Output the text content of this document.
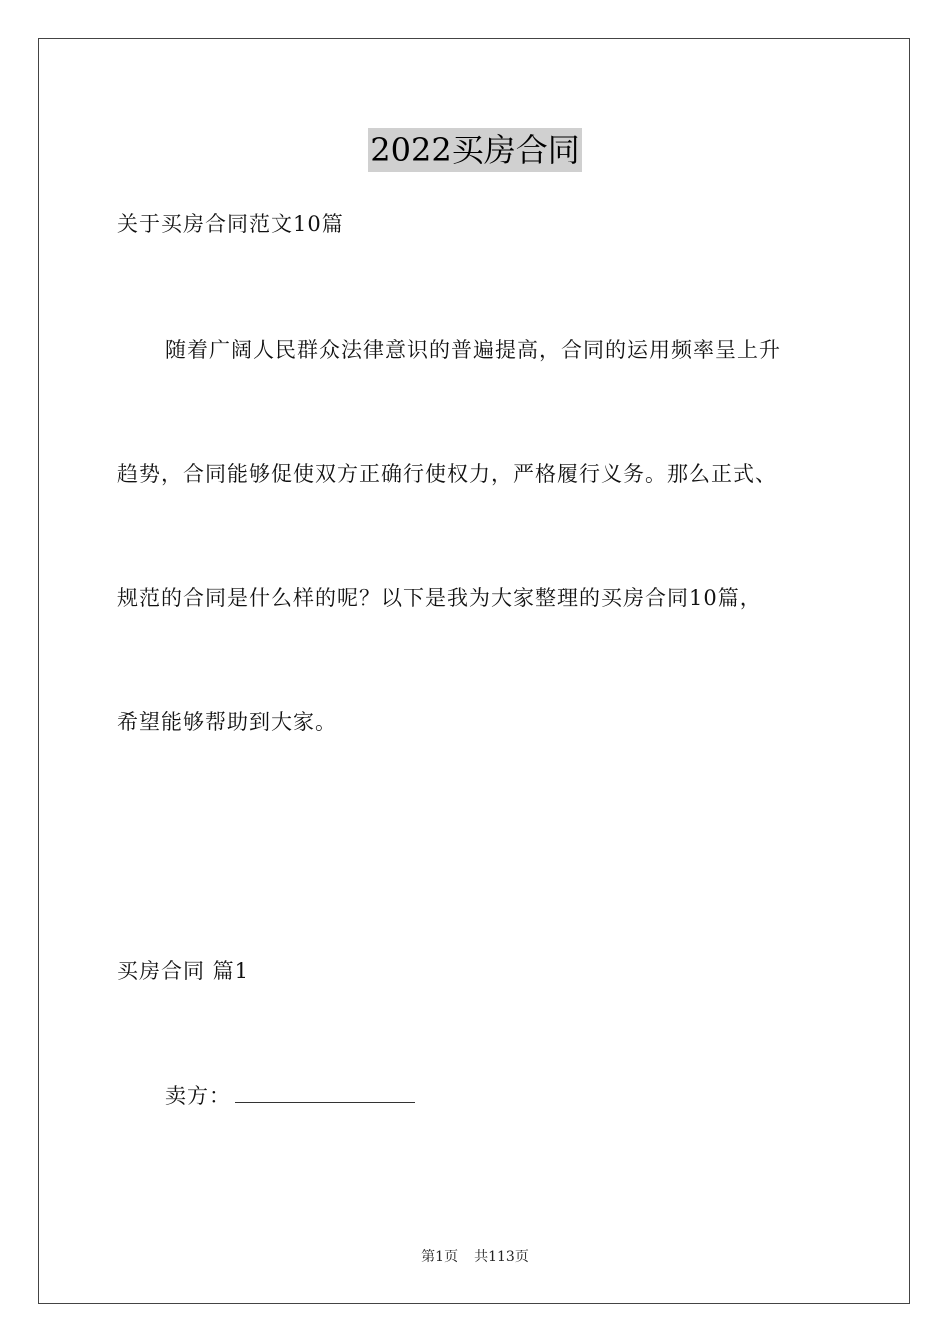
2022买房合同
关于买房合同范文10篇
随着广阔人民群众法律意识的普遍提高，合同的运用频率呈上升
趋势，合同能够促使双方正确行使权力，严格履行义务。那么正式、
规范的合同是什么样的呢？以下是我为大家整理的买房合同10篇，
希望能够帮助到大家。
买房合同 篇1
卖方：
第1页 共113页
